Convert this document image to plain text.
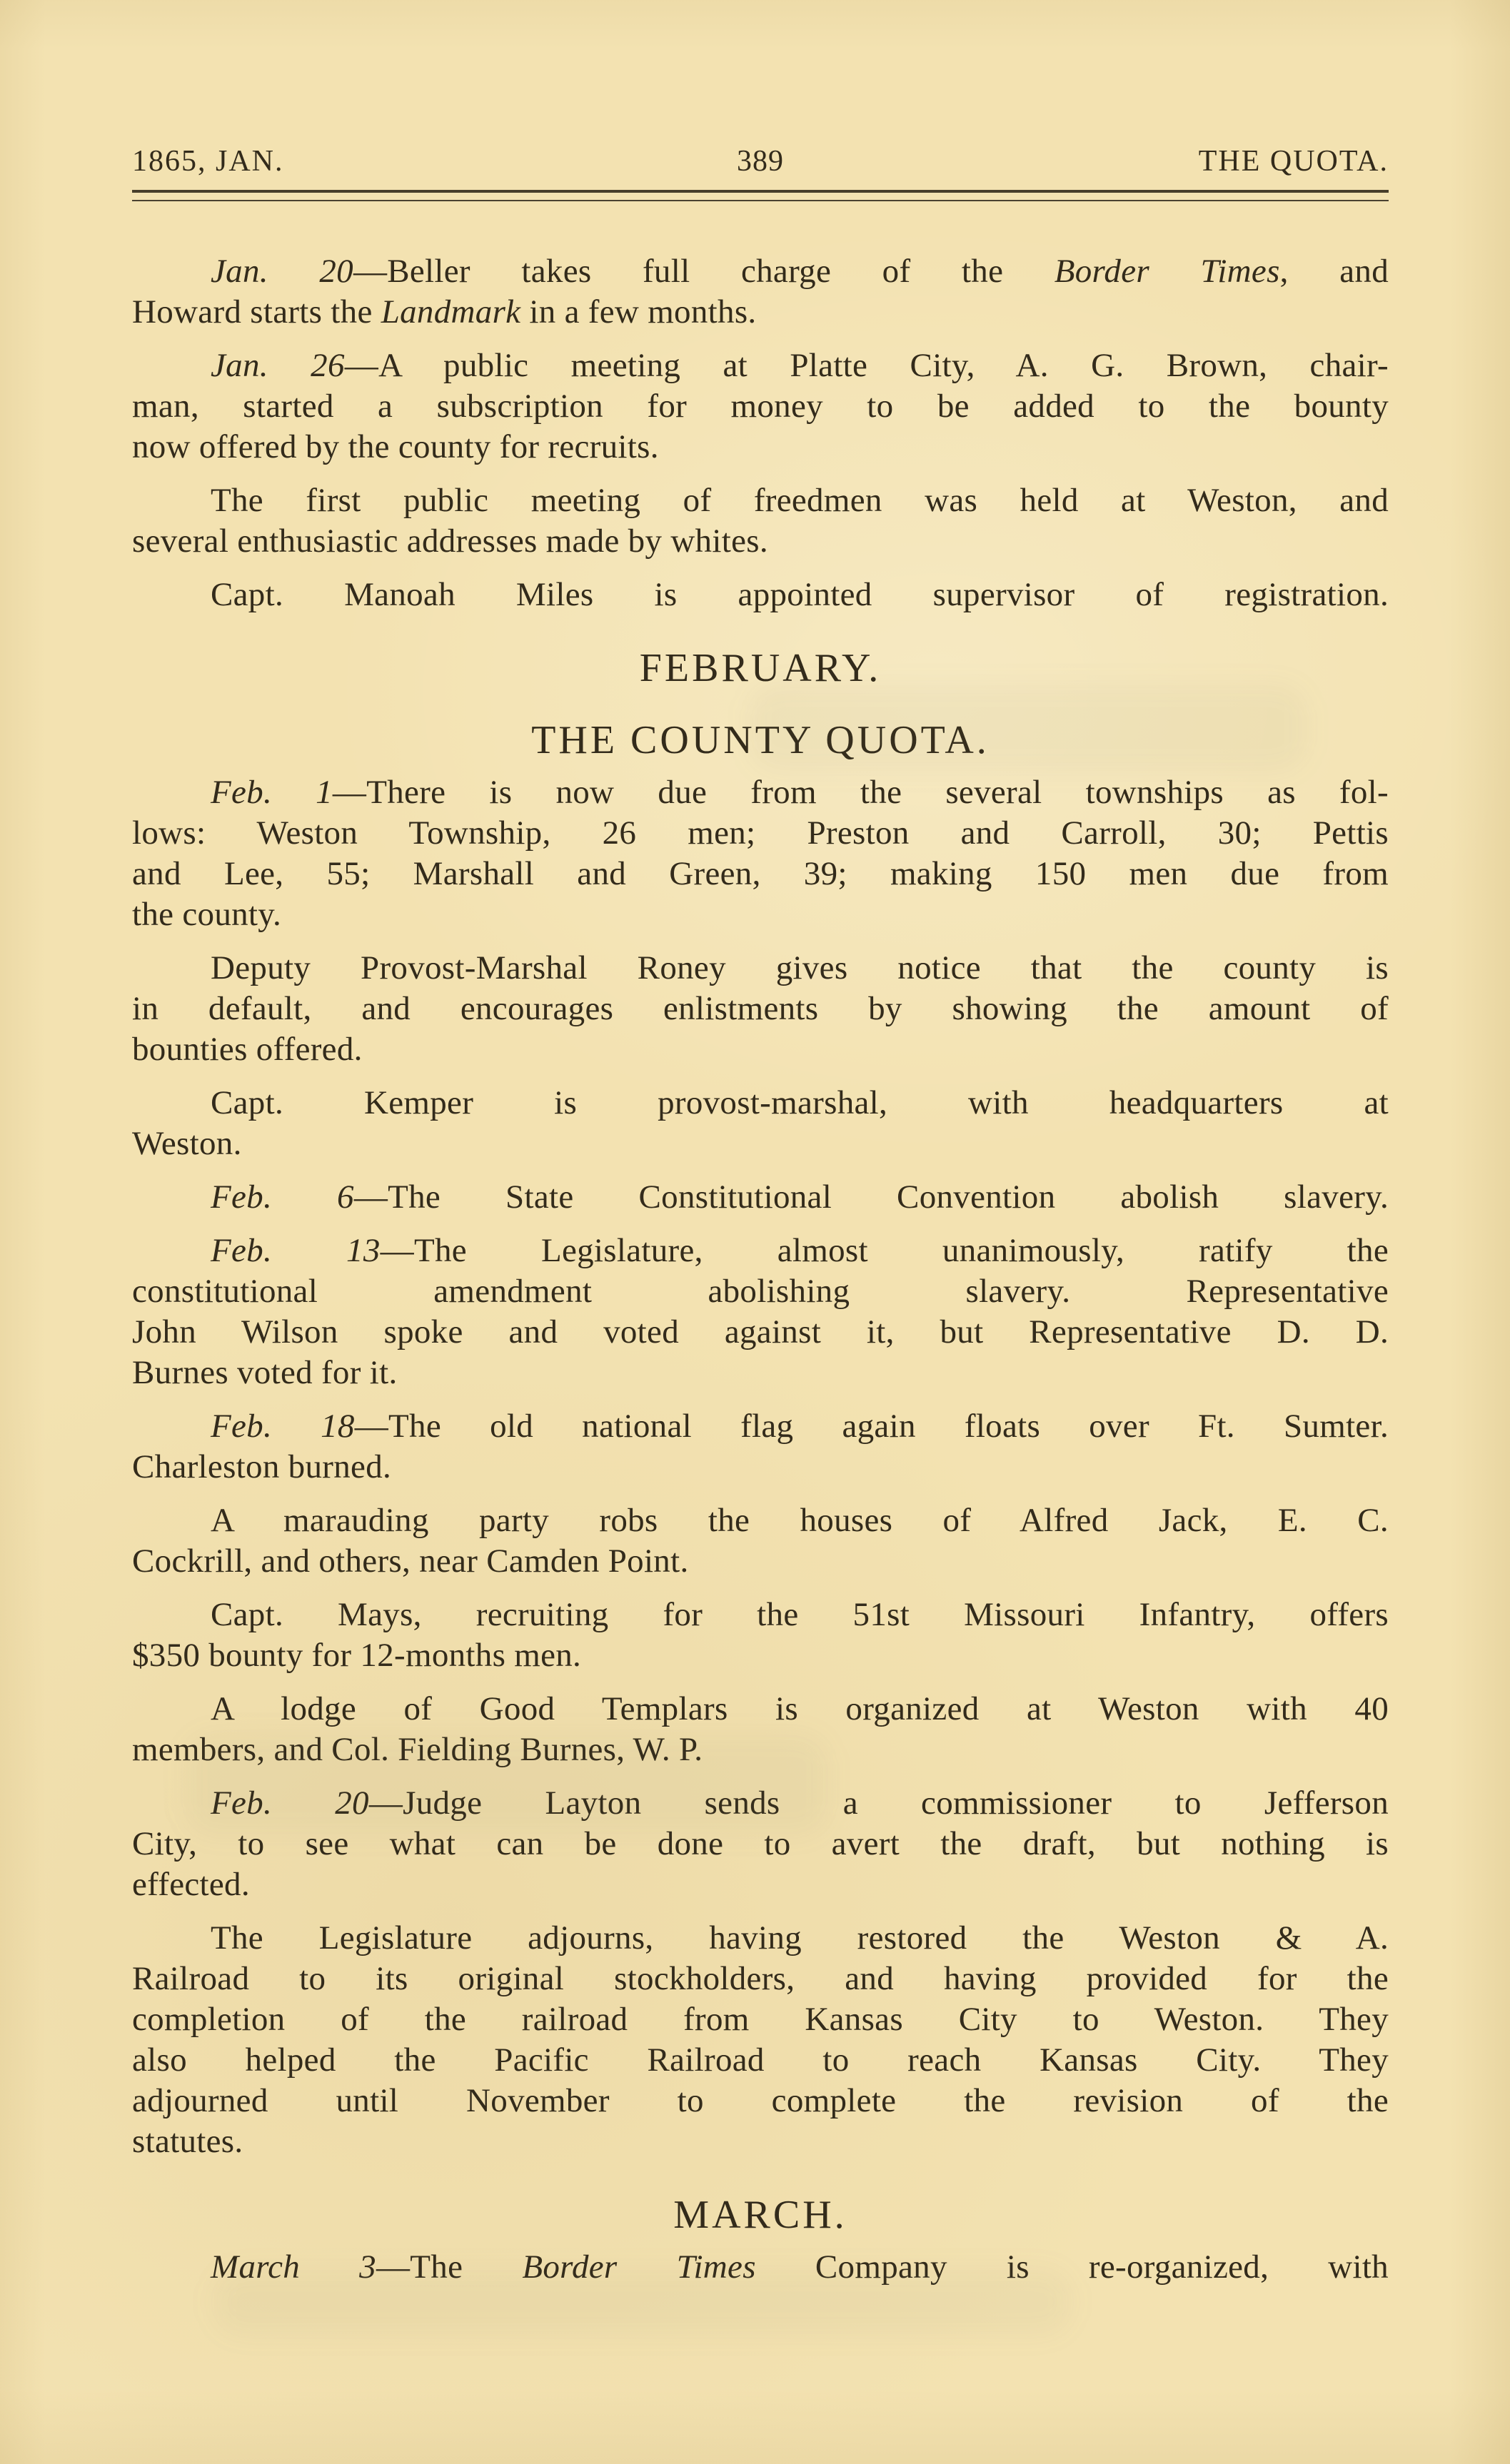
1865, JAN.	389	THE QUOTA.
Jan. 20—Beller takes full charge of the Border Times, and
Howard starts the Landmark in a few months.
Jan. 26—A public meeting at Platte City, A. G. Brown, chair-
man, started a subscription for money to be added to the bounty
now offered by the county for recruits.
The first public meeting of freedmen was held at Weston, and
several enthusiastic addresses made by whites.
Capt. Manoah Miles is appointed supervisor of registration.
FEBRUARY.
THE COUNTY QUOTA.
Feb. 1—There is now due from the several townships as fol-
lows: Weston Township, 26 men; Preston and Carroll, 30; Pettis
and Lee, 55; Marshall and Green, 39; making 150 men due from
the county.
Deputy Provost-Marshal Roney gives notice that the county is
in default, and encourages enlistments by showing the amount of
bounties offered.
Capt. Kemper is provost-marshal, with headquarters at
Weston.
Feb. 6—The State Constitutional Convention abolish slavery.
Feb. 13—The Legislature, almost unanimously, ratify the
constitutional amendment abolishing slavery. Representative
John Wilson spoke and voted against it, but Representative D. D.
Burnes voted for it.
Feb. 18—The old national flag again floats over Ft. Sumter.
Charleston burned.
A marauding party robs the houses of Alfred Jack, E. C.
Cockrill, and others, near Camden Point.
Capt. Mays, recruiting for the 51st Missouri Infantry, offers
$350 bounty for 12-months men.
A lodge of Good Templars is organized at Weston with 40
members, and Col. Fielding Burnes, W. P.
Feb. 20—Judge Layton sends a commissioner to Jefferson
City, to see what can be done to avert the draft, but nothing is
effected.
The Legislature adjourns, having restored the Weston & A.
Railroad to its original stockholders, and having provided for the
completion of the railroad from Kansas City to Weston. They
also helped the Pacific Railroad to reach Kansas City. They
adjourned until November to complete the revision of the
statutes.
MARCH.
March 3—The Border Times Company is re-organized, with
